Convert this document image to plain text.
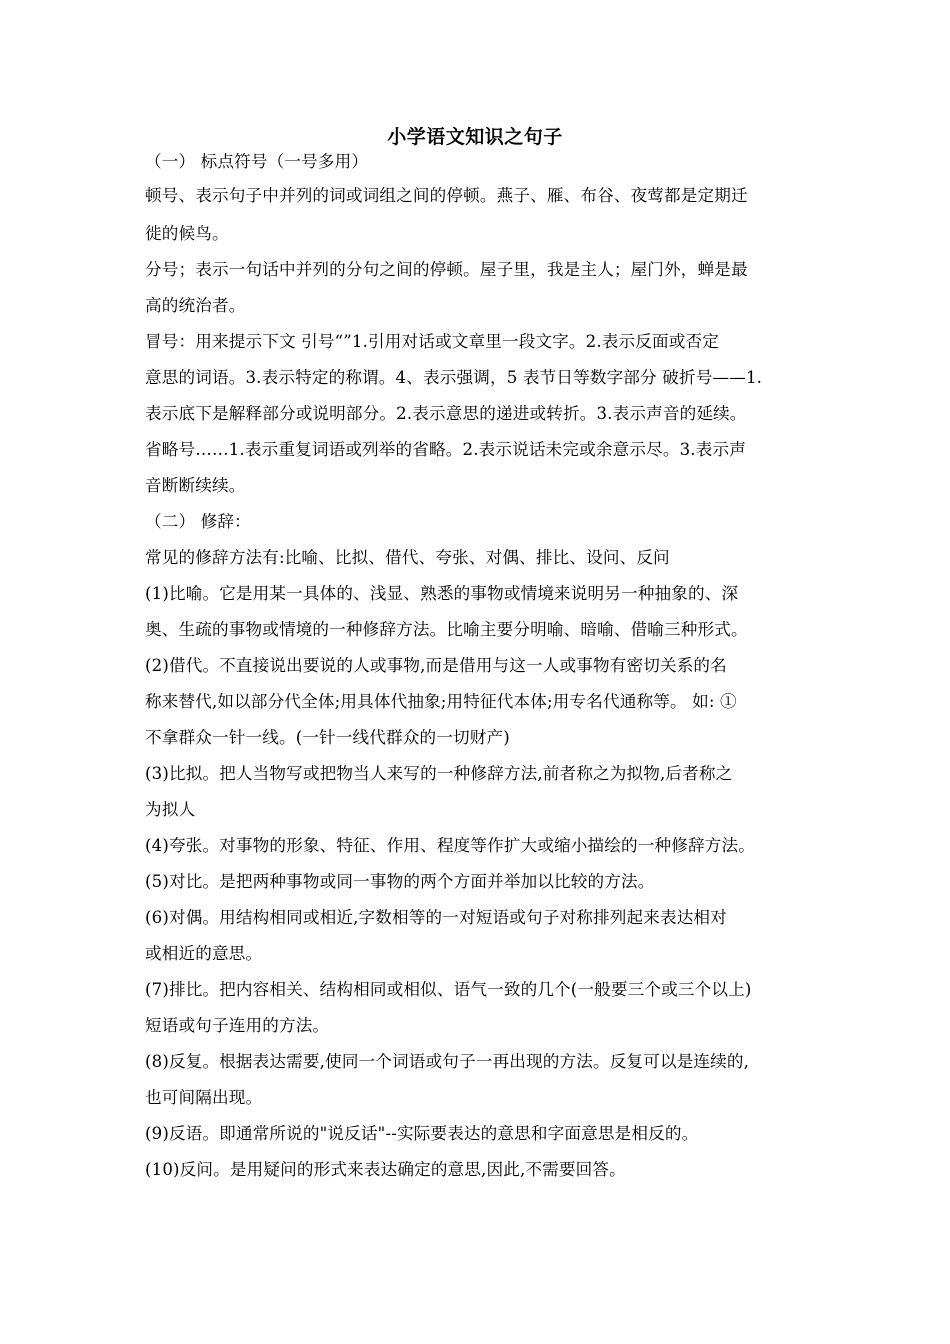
小学语文知识之句子
（一） 标点符号（一号多用）
顿号、表示句子中并列的词或词组之间的停顿。燕子、雁、布谷、夜莺都是定期迁
徙的候鸟。
分号；表示一句话中并列的分句之间的停顿。屋子里，我是主人；屋门外，蝉是最
高的统治者。
冒号：用来提示下文 引号“”1.引用对话或文章里一段文字。2.表示反面或否定
意思的词语。3.表示特定的称谓。4、表示强调，5 表节日等数字部分 破折号——1.
表示底下是解释部分或说明部分。2.表示意思的递进或转折。3.表示声音的延续。
省略号……1.表示重复词语或列举的省略。2.表示说话未完或余意示尽。3.表示声
音断断续续。
（二） 修辞：
常见的修辞方法有:比喻、比拟、借代、夸张、对偶、排比、设问、反问
(1)比喻。它是用某一具体的、浅显、熟悉的事物或情境来说明另一种抽象的、深
奥、生疏的事物或情境的一种修辞方法。比喻主要分明喻、暗喻、借喻三种形式。
(2)借代。不直接说出要说的人或事物,而是借用与这一人或事物有密切关系的名
称来替代,如以部分代全体;用具体代抽象;用特征代本体;用专名代通称等。 如: ①
不拿群众一针一线。(一针一线代群众的一切财产)
(3)比拟。把人当物写或把物当人来写的一种修辞方法,前者称之为拟物,后者称之
为拟人
(4)夸张。对事物的形象、特征、作用、程度等作扩大或缩小描绘的一种修辞方法。
(5)对比。是把两种事物或同一事物的两个方面并举加以比较的方法。
(6)对偶。用结构相同或相近,字数相等的一对短语或句子对称排列起来表达相对
或相近的意思。
(7)排比。把内容相关、结构相同或相似、语气一致的几个(一般要三个或三个以上)
短语或句子连用的方法。
(8)反复。根据表达需要,使同一个词语或句子一再出现的方法。反复可以是连续的,
也可间隔出现。
(9)反语。即通常所说的"说反话"--实际要表达的意思和字面意思是相反的。
(10)反问。是用疑问的形式来表达确定的意思,因此,不需要回答。
